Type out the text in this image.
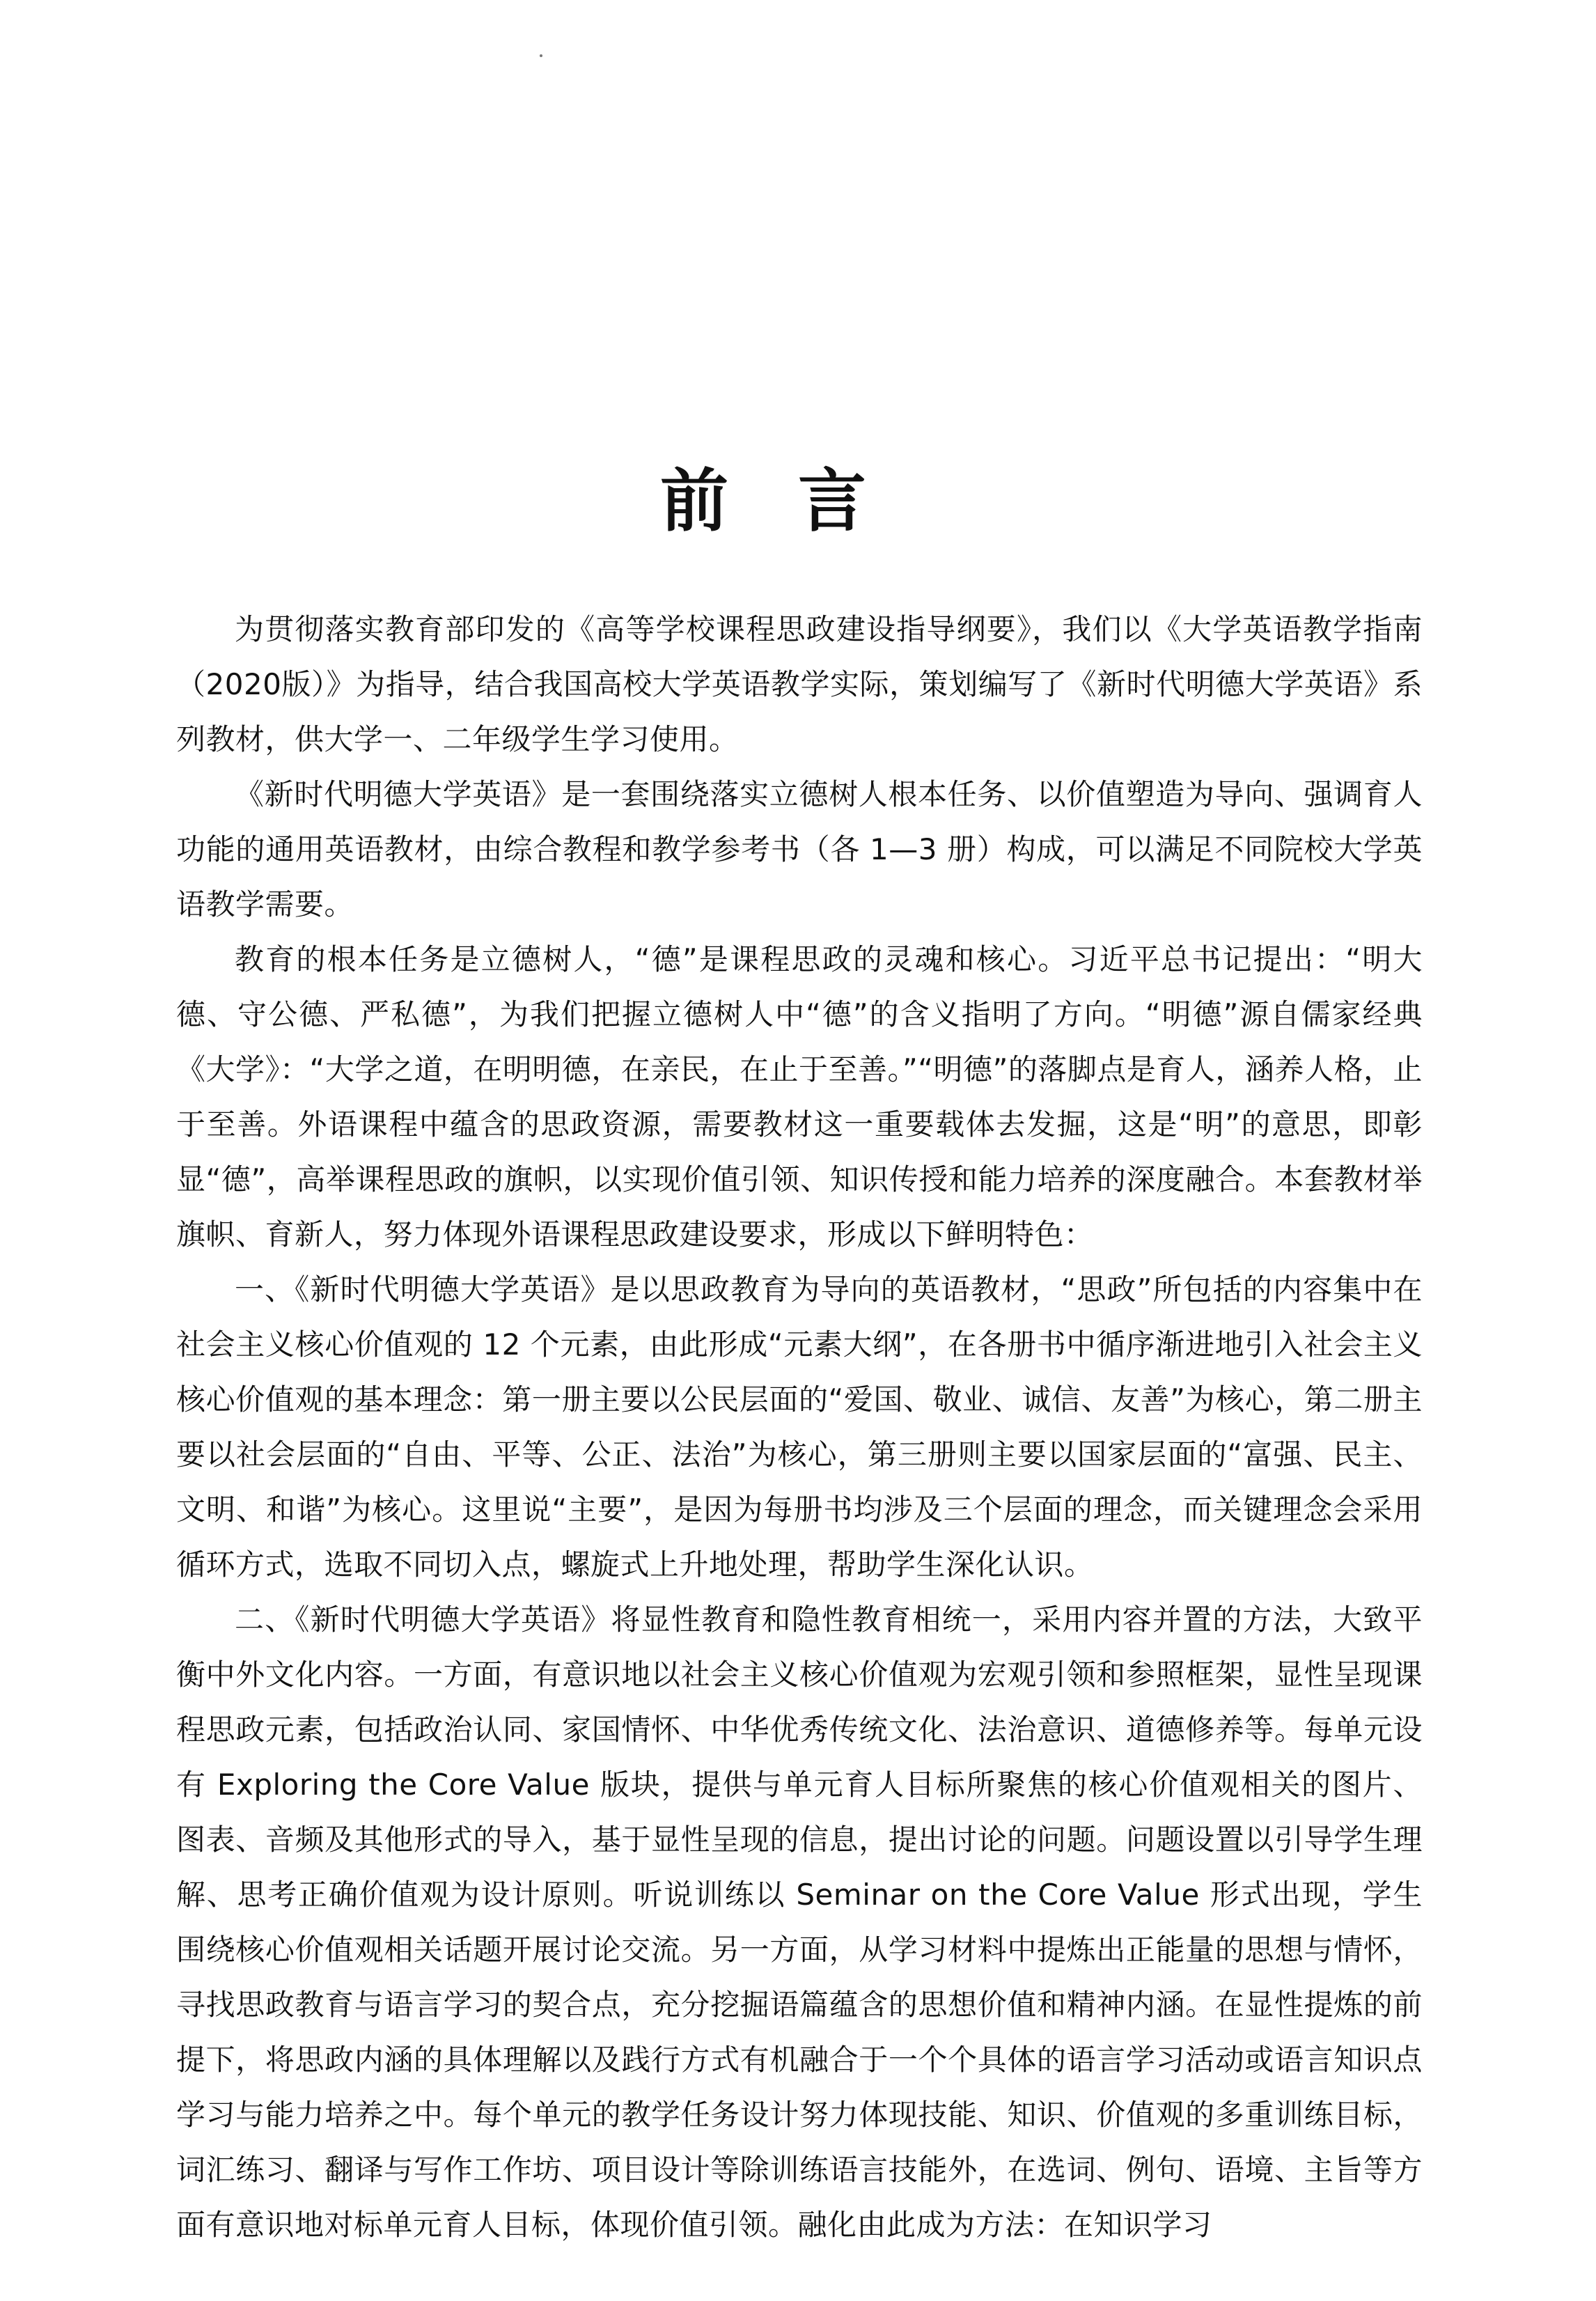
前言

为贯彻落实教育部印发的《高等学校课程思政建设指导纲要》，我们以《大学英语教学指南（2020版）》为指导，结合我国高校大学英语教学实际，策划编写了《新时代明德大学英语》系列教材，供大学一、二年级学生学习使用。

《新时代明德大学英语》是一套围绕落实立德树人根本任务、以价值塑造为导向、强调育人功能的通用英语教材，由综合教程和教学参考书（各 1—3 册）构成，可以满足不同院校大学英语教学需要。

教育的根本任务是立德树人，“德”是课程思政的灵魂和核心。习近平总书记提出：“明大德、守公德、严私德”，为我们把握立德树人中“德”的含义指明了方向。“明德”源自儒家经典《大学》：“大学之道，在明明德，在亲民，在止于至善。”“明德”的落脚点是育人，涵养人格，止于至善。外语课程中蕴含的思政资源，需要教材这一重要载体去发掘，这是“明”的意思，即彰显“德”，高举课程思政的旗帜，以实现价值引领、知识传授和能力培养的深度融合。本套教材举旗帜、育新人，努力体现外语课程思政建设要求，形成以下鲜明特色：

一、《新时代明德大学英语》是以思政教育为导向的英语教材，“思政”所包括的内容集中在社会主义核心价值观的 12 个元素，由此形成“元素大纲”，在各册书中循序渐进地引入社会主义核心价值观的基本理念：第一册主要以公民层面的“爱国、敬业、诚信、友善”为核心，第二册主要以社会层面的“自由、平等、公正、法治”为核心，第三册则主要以国家层面的“富强、民主、文明、和谐”为核心。这里说“主要”，是因为每册书均涉及三个层面的理念，而关键理念会采用循环方式，选取不同切入点，螺旋式上升地处理，帮助学生深化认识。

二、《新时代明德大学英语》将显性教育和隐性教育相统一，采用内容并置的方法，大致平衡中外文化内容。一方面，有意识地以社会主义核心价值观为宏观引领和参照框架，显性呈现课程思政元素，包括政治认同、家国情怀、中华优秀传统文化、法治意识、道德修养等。每单元设有 Exploring the Core Value 版块，提供与单元育人目标所聚焦的核心价值观相关的图片、图表、音频及其他形式的导入，基于显性呈现的信息，提出讨论的问题。问题设置以引导学生理解、思考正确价值观为设计原则。听说训练以 Seminar on the Core Value 形式出现，学生围绕核心价值观相关话题开展讨论交流。另一方面，从学习材料中提炼出正能量的思想与情怀，寻找思政教育与语言学习的契合点，充分挖掘语篇蕴含的思想价值和精神内涵。在显性提炼的前提下，将思政内涵的具体理解以及践行方式有机融合于一个个具体的语言学习活动或语言知识点学习与能力培养之中。每个单元的教学任务设计努力体现技能、知识、价值观的多重训练目标，词汇练习、翻译与写作工作坊、项目设计等除训练语言技能外，在选词、例句、语境、主旨等方面有意识地对标单元育人目标，体现价值引领。融化由此成为方法：在知识学习
